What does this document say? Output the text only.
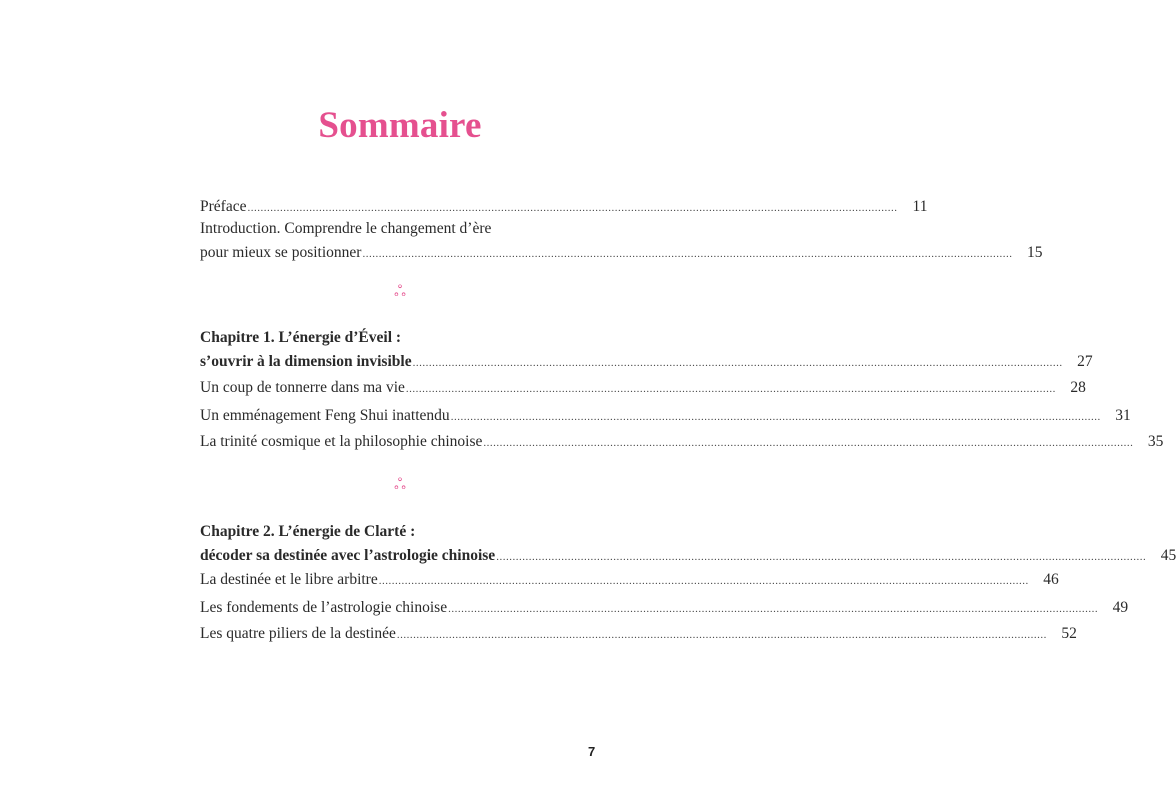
Sommaire
Préface ........................................................................................................................................................................................................ 11
Introduction. Comprendre le changement d’ère
pour mieux se positionner ........................................................................................................................................................................................................ 15
ஃ
Chapitre 1. L’énergie d’Éveil :
s’ouvrir à la dimension invisible ........................................................................................................................................................................................................ 27
Un coup de tonnerre dans ma vie ........................................................................................................................................................................................................ 28
Un emménagement Feng Shui inattendu ........................................................................................................................................................................................................ 31
La trinité cosmique et la philosophie chinoise ........................................................................................................................................................................................................ 35
ஃ
Chapitre 2. L’énergie de Clarté :
décoder sa destinée avec l’astrologie chinoise ........................................................................................................................................................................................................ 45
La destinée et le libre arbitre ........................................................................................................................................................................................................ 46
Les fondements de l’astrologie chinoise ........................................................................................................................................................................................................ 49
Les quatre piliers de la destinée ........................................................................................................................................................................................................ 52
7
